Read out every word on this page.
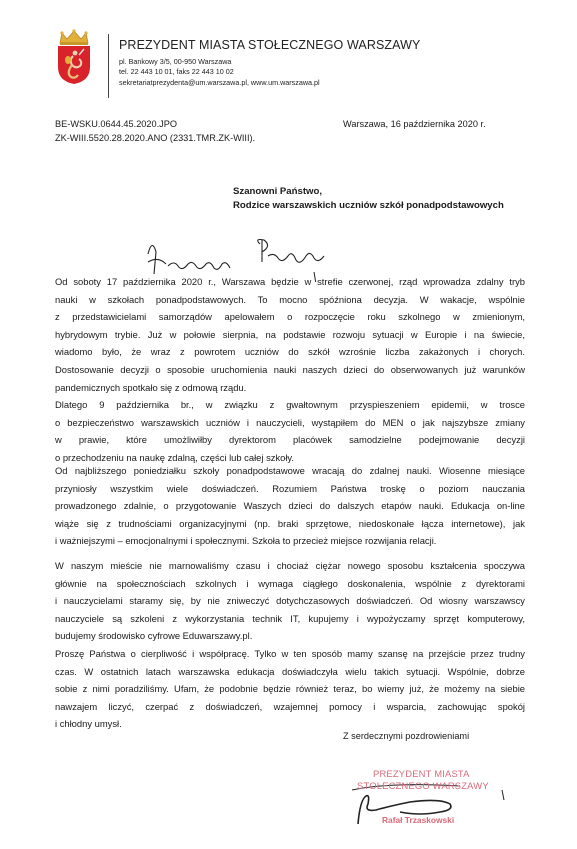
PREZYDENT MIASTA STOŁECZNEGO WARSZAWY
pl. Bankowy 3/5, 00-950 Warszawa
tel. 22 443 10 01, faks 22 443 10 02
sekretariatprezydenta@um.warszawa.pl, www.um.warszawa.pl
BE-WSKU.0644.45.2020.JPO
ZK-WIII.5520.28.2020.ANO (2331.TMR.ZK-WIII).
Warszawa, 16 października 2020 r.
Szanowni Państwo,
Rodzice warszawskich uczniów szkół ponadpodstawowych
Od soboty 17 października 2020 r., Warszawa będzie w strefie czerwonej, rząd wprowadza zdalny tryb
nauki w szkołach ponadpodstawowych. To mocno spóźniona decyzja. W wakacje, wspólnie
z przedstawicielami samorządów apelowałem o rozpoczęcie roku szkolnego w zmienionym,
hybrydowym trybie. Już w połowie sierpnia, na podstawie rozwoju sytuacji w Europie i na świecie,
wiadomo było, że wraz z powrotem uczniów do szkół wzrośnie liczba zakażonych i chorych.
Dostosowanie decyzji o sposobie uruchomienia nauki naszych dzieci do obserwowanych już warunków
pandemicznych spotkało się z odmową rządu.
Dlatego 9 października br., w związku z gwałtownym przyspieszeniem epidemii, w trosce
o bezpieczeństwo warszawskich uczniów i nauczycieli, wystąpiłem do MEN o jak najszybsze zmiany
w prawie, które umożliwiłby dyrektorom placówek samodzielne podejmowanie decyzji
o przechodzeniu na naukę zdalną, części lub całej szkoły.
Od najbliższego poniedziałku szkoły ponadpodstawowe wracają do zdalnej nauki. Wiosenne miesiące
przyniosły wszystkim wiele doświadczeń. Rozumiem Państwa troskę o poziom nauczania
prowadzonego zdalnie, o przygotowanie Waszych dzieci do dalszych etapów nauki. Edukacja on-line
wiąże się z trudnościami organizacyjnymi (np. braki sprzętowe, niedoskonałe łącza internetowe), jak
i ważniejszymi – emocjonalnymi i społecznymi. Szkoła to przecież miejsce rozwijania relacji.
W naszym mieście nie marnowaliśmy czasu i chociaż ciężar nowego sposobu kształcenia spoczywa
głównie na społecznościach szkolnych i wymaga ciągłego doskonalenia, wspólnie z dyrektorami
i nauczycielami staramy się, by nie zniweczyć dotychczasowych doświadczeń. Od wiosny warszawscy
nauczyciele są szkoleni z wykorzystania technik IT, kupujemy i wypożyczamy sprzęt komputerowy,
budujemy środowisko cyfrowe Eduwarszawy.pl.
Proszę Państwa o cierpliwość i współpracę. Tylko w ten sposób mamy szansę na przejście przez trudny
czas. W ostatnich latach warszawska edukacja doświadczyła wielu takich sytuacji. Wspólnie, dobrze
sobie z nimi poradziliśmy. Ufam, że podobnie będzie również teraz, bo wiemy już, że możemy na siebie
nawzajem liczyć, czerpać z doświadczeń, wzajemnej pomocy i wsparcia, zachowując spokój
i chłodny umysł.
Z serdecznymi pozdrowieniami
PREZYDENT MIASTA
STOŁECZNEGO WARSZAWY
Rafał Trzaskowski
